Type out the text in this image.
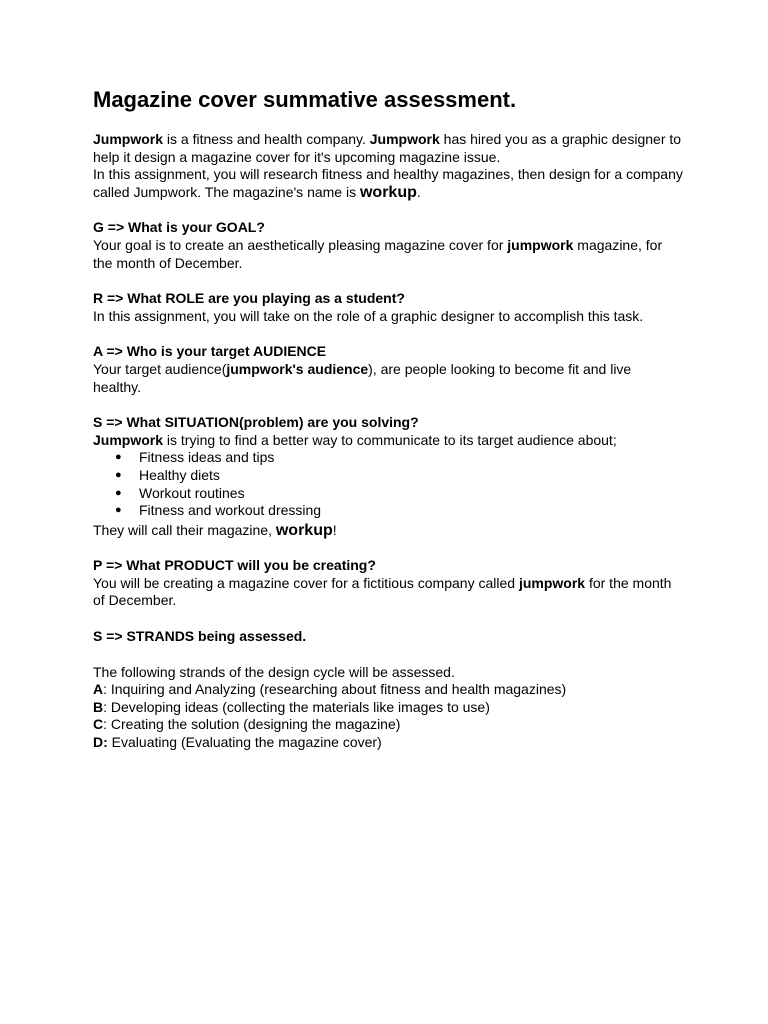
Magazine cover summative assessment.

Jumpwork is a fitness and health company. Jumpwork has hired you as a graphic designer to help it design a magazine cover for it's upcoming magazine issue.

In this assignment, you will research fitness and healthy magazines, then design for a company called Jumpwork. The magazine's name is workup.

G => What is your GOAL?

Your goal is to create an aesthetically pleasing magazine cover for jumpwork magazine, for the month of December.

R => What ROLE are you playing as a student?

In this assignment, you will take on the role of a graphic designer to accomplish this task.

A => Who is your target AUDIENCE

Your target audience(jumpwork's audience), are people looking to become fit and live healthy.

S => What SITUATION(problem) are you solving?

Jumpwork is trying to find a better way to communicate to its target audience about;

● Fitness ideas and tips
● Healthy diets
● Workout routines
● Fitness and workout dressing

They will call their magazine, workup!

P => What PRODUCT will you be creating?

You will be creating a magazine cover for a fictitious company called jumpwork for the month of December.

S => STRANDS being assessed.

The following strands of the design cycle will be assessed.

A: Inquiring and Analyzing (researching about fitness and health magazines)

B: Developing ideas (collecting the materials like images to use)

C: Creating the solution (designing the magazine)

D: Evaluating (Evaluating the magazine cover)
